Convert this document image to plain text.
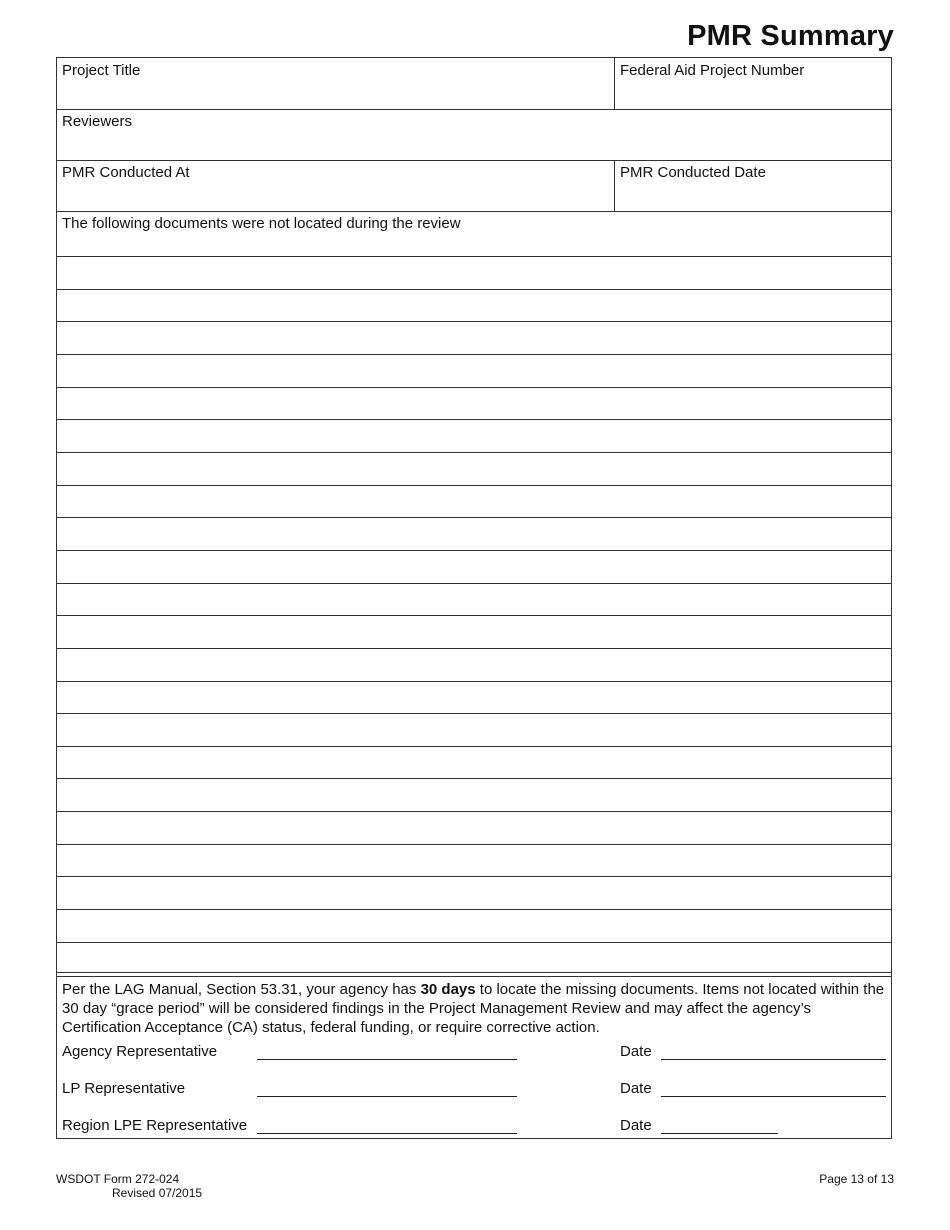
PMR Summary
Project Title	Federal Aid Project Number
Reviewers
PMR Conducted At	PMR Conducted Date
The following documents were not located during the review
Per the LAG Manual, Section 53.31, your agency has 30 days to locate the missing documents. Items not located within the 30 day “grace period” will be considered findings in the Project Management Review and may affect the agency’s Certification Acceptance (CA) status, federal funding, or require corrective action.
Agency Representative	Date
LP Representative	Date
Region LPE Representative	Date
WSDOT Form 272-024
Revised 07/2015
Page 13 of 13
